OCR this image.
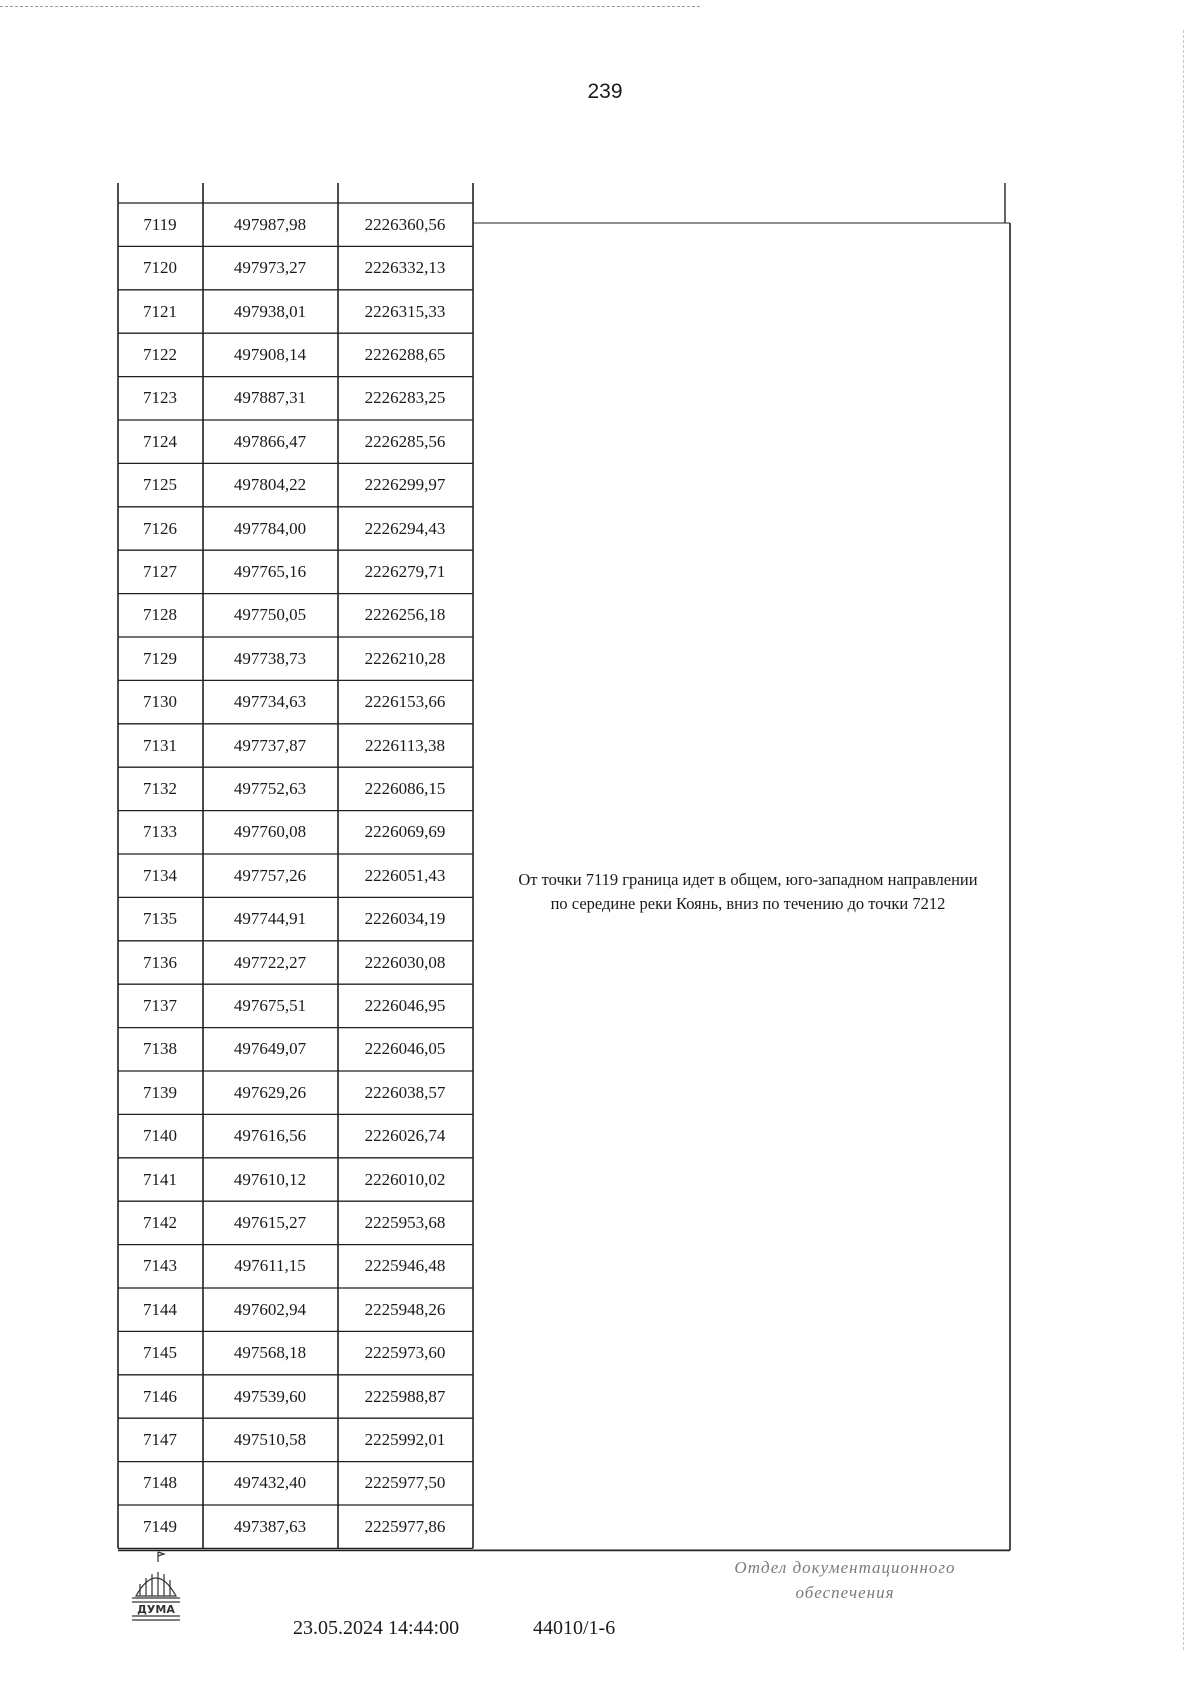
239
7119	497987,98	2226360,56
7120	497973,27	2226332,13
7121	497938,01	2226315,33
7122	497908,14	2226288,65
7123	497887,31	2226283,25
7124	497866,47	2226285,56
7125	497804,22	2226299,97
7126	497784,00	2226294,43
7127	497765,16	2226279,71
7128	497750,05	2226256,18
7129	497738,73	2226210,28
7130	497734,63	2226153,66
7131	497737,87	2226113,38
7132	497752,63	2226086,15
7133	497760,08	2226069,69
7134	497757,26	2226051,43
7135	497744,91	2226034,19
7136	497722,27	2226030,08
7137	497675,51	2226046,95
7138	497649,07	2226046,05
7139	497629,26	2226038,57
7140	497616,56	2226026,74
7141	497610,12	2226010,02
7142	497615,27	2225953,68
7143	497611,15	2225946,48
7144	497602,94	2225948,26
7145	497568,18	2225973,60
7146	497539,60	2225988,87
7147	497510,58	2225992,01
7148	497432,40	2225977,50
7149	497387,63	2225977,86
От точки 7119 граница идет в общем, юго-западном направлении
по середине реки Коянь, вниз по течению до точки 7212
ДУМА
23.05.2024 14:44:00	44010/1-6
Отдел документационного
обеспечения
